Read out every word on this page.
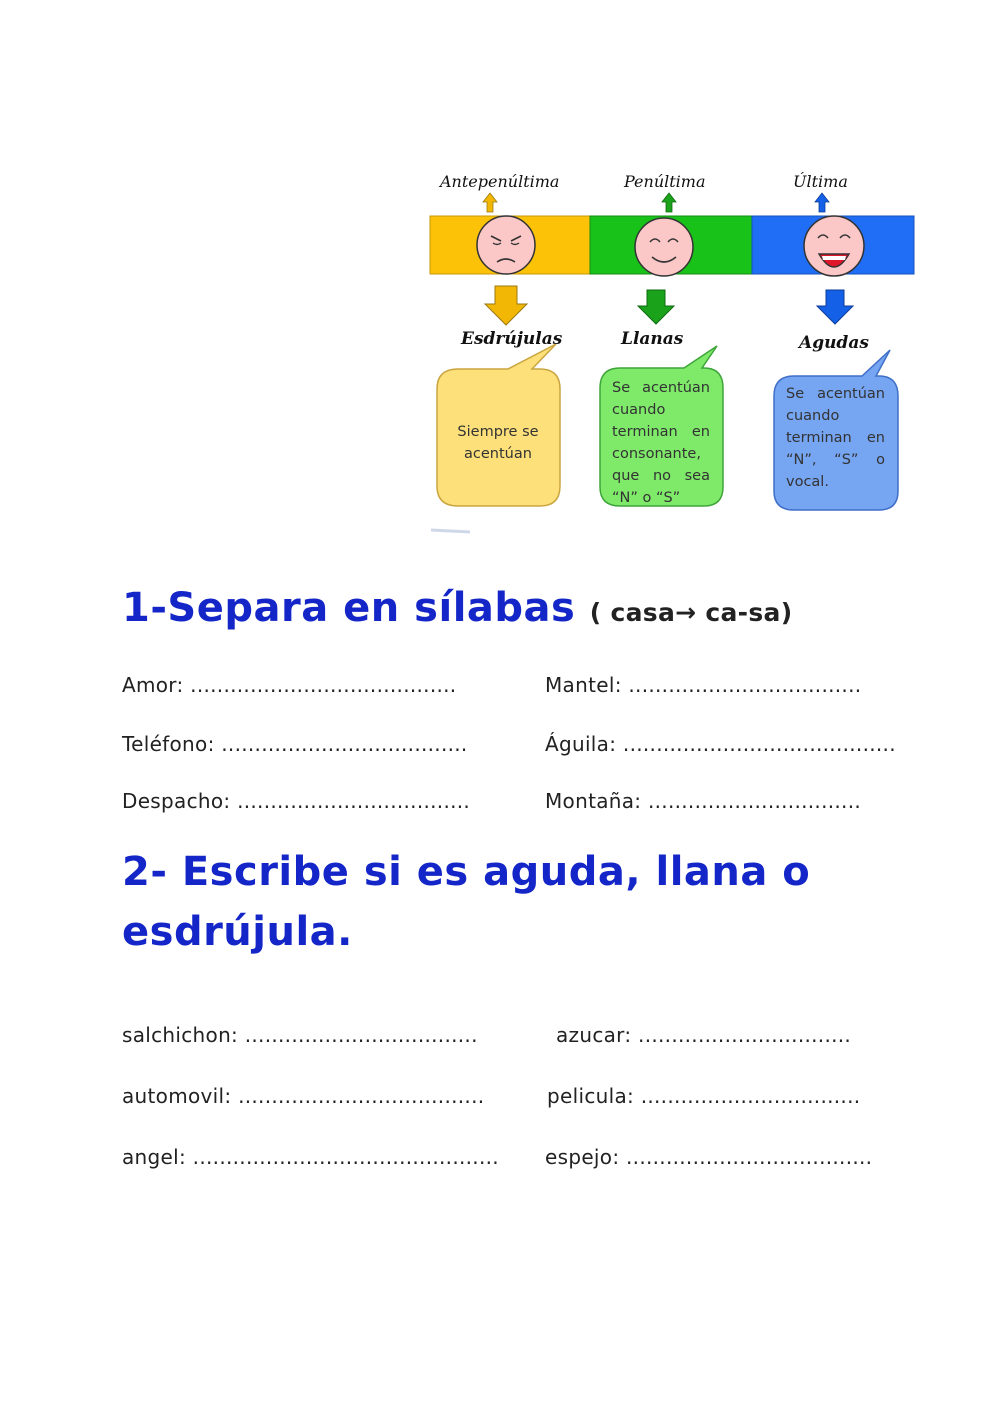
Antepenúltima	Penúltima	Última
Esdrújulas	Llanas	Agudas
Siempre se acentúan
Se acentúan cuando terminan en consonante, que no sea “N” o “S”
Se acentúan cuando terminan en “N”, “S” o vocal.
1-Separa en sílabas ( casa→ ca-sa)
Amor: ........................................	Mantel: ...................................
Teléfono: .....................................	Águila: .........................................
Despacho: ...................................	Montaña: ................................
2- Escribe si es aguda, llana o
esdrújula.
salchichon: ...................................	azucar: ................................
automovil: .....................................	pelicula: .................................
angel: .............................................. espejo: .....................................
